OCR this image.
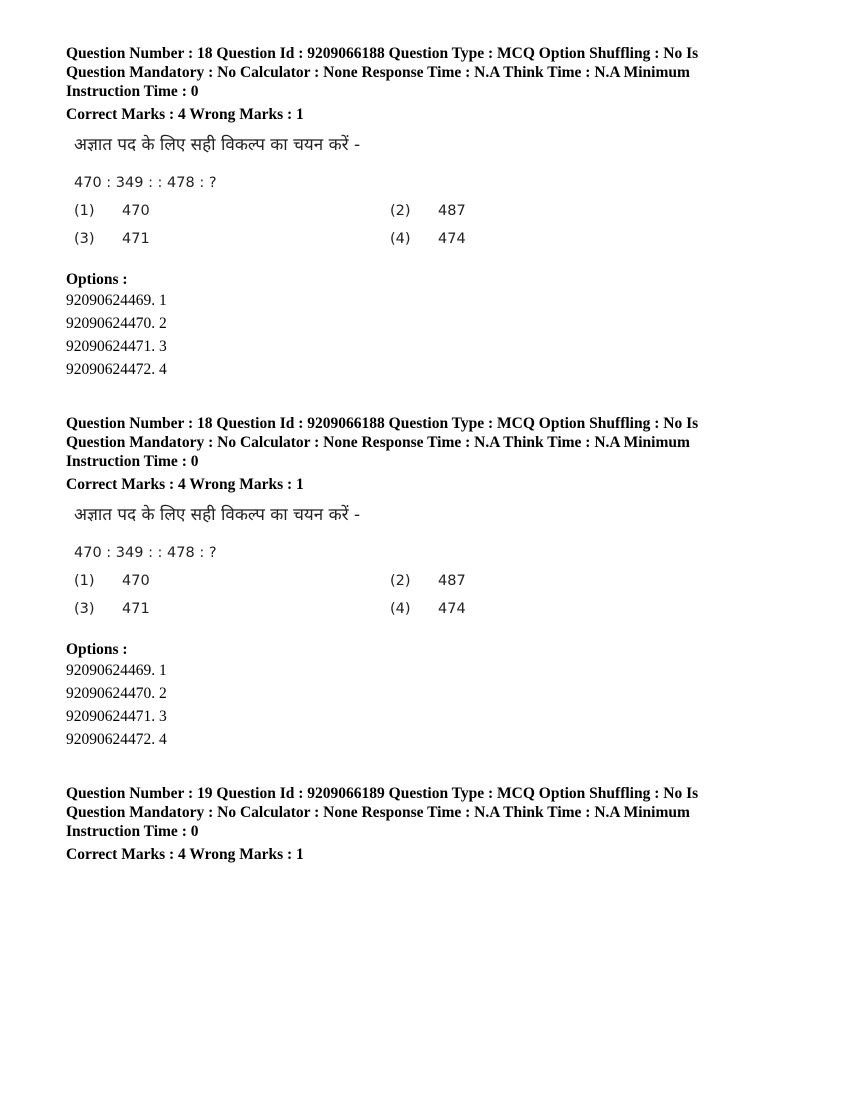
Question Number : 18 Question Id : 9209066188 Question Type : MCQ Option Shuffling : No Is

Question Mandatory : No Calculator : None Response Time : N.A Think Time : N.A Minimum

Instruction Time : 0

Correct Marks : 4 Wrong Marks : 1
अज्ञात पद के लिए सही विकल्प का चयन करें -
470 : 349 : : 478 : ?
(1) 470	(2) 487
(3) 471	(4) 474

Options :

92090624469. 1
92090624470. 2
92090624471. 3
92090624472. 4

Question Number : 18 Question Id : 9209066188 Question Type : MCQ Option Shuffling : No Is

Question Mandatory : No Calculator : None Response Time : N.A Think Time : N.A Minimum

Instruction Time : 0

Correct Marks : 4 Wrong Marks : 1
अज्ञात पद के लिए सही विकल्प का चयन करें -
470 : 349 : : 478 : ?
(1) 470	(2) 487
(3) 471	(4) 474

Options :

92090624469. 1
92090624470. 2
92090624471. 3
92090624472. 4

Question Number : 19 Question Id : 9209066189 Question Type : MCQ Option Shuffling : No Is

Question Mandatory : No Calculator : None Response Time : N.A Think Time : N.A Minimum

Instruction Time : 0

Correct Marks : 4 Wrong Marks : 1
